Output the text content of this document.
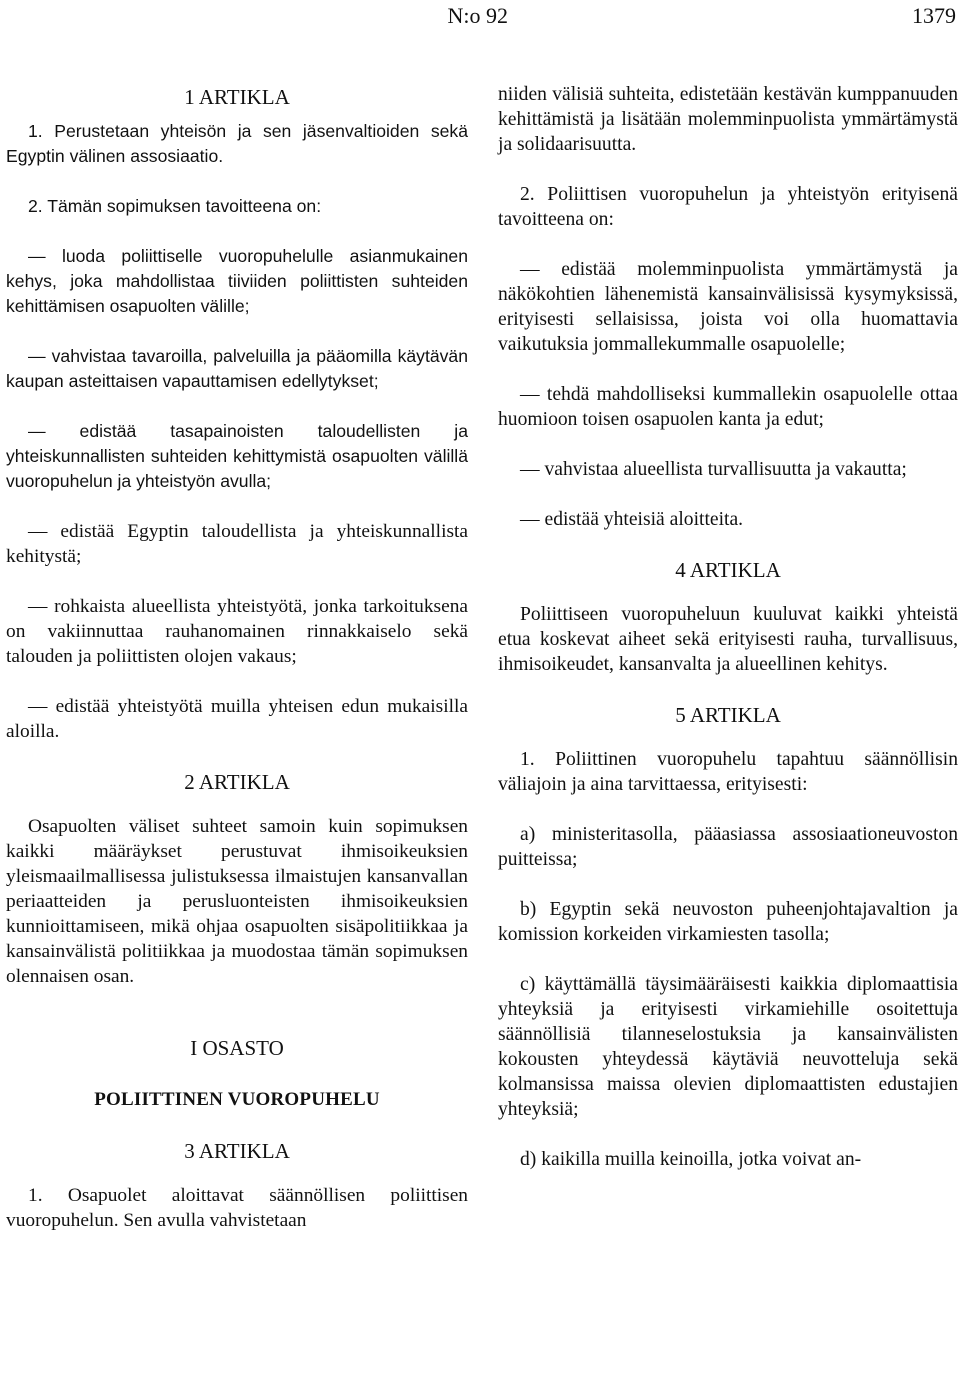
N:o 92	1379

1 ARTIKLA

1. Perustetaan yhteisön ja sen jäsenvaltioiden sekä Egyptin välinen assosiaatio.

2. Tämän sopimuksen tavoitteena on:

— luoda poliittiselle vuoropuhelulle asianmukainen kehys, joka mahdollistaa tiiviiden poliittisten suhteiden kehittämisen osapuolten välille;

— vahvistaa tavaroilla, palveluilla ja pääomilla käytävän kaupan asteittaisen vapauttamisen edellytykset;

— edistää tasapainoisten taloudellisten ja yhteiskunnallisten suhteiden kehittymistä osapuolten välillä vuoropuhelun ja yhteistyön avulla;

— edistää Egyptin taloudellista ja yhteiskunnallista kehitystä;

— rohkaista alueellista yhteistyötä, jonka tarkoituksena on vakiinnuttaa rauhanomainen rinnakkaiselo sekä talouden ja poliittisten olojen vakaus;

— edistää yhteistyötä muilla yhteisen edun mukaisilla aloilla.

2 ARTIKLA

Osapuolten väliset suhteet samoin kuin sopimuksen kaikki määräykset perustuvat ihmisoikeuksien yleismaailmallisessa julistuksessa ilmaistujen kansanvallan periaatteiden ja perusluonteisten ihmisoikeuksien kunnioittamiseen, mikä ohjaa osapuolten sisäpolitiikkaa ja kansainvälistä politiikkaa ja muodostaa tämän sopimuksen olennaisen osan.

I OSASTO

POLIITTINEN VUOROPUHELU

3 ARTIKLA

1. Osapuolet aloittavat säännöllisen poliittisen vuoropuhelun. Sen avulla vahvistetaan

niiden välisiä suhteita, edistetään kestävän kumppanuuden kehittämistä ja lisätään molemminpuolista ymmärtämystä ja solidaarisuutta.

2. Poliittisen vuoropuhelun ja yhteistyön erityisenä tavoitteena on:

— edistää molemminpuolista ymmärtämystä ja näkökohtien lähenemistä kansainvälisissä kysymyksissä, erityisesti sellaisissa, joista voi olla huomattavia vaikutuksia jommallekummalle osapuolelle;

— tehdä mahdolliseksi kummallekin osapuolelle ottaa huomioon toisen osapuolen kanta ja edut;

— vahvistaa alueellista turvallisuutta ja vakautta;

— edistää yhteisiä aloitteita.

4 ARTIKLA

Poliittiseen vuoropuheluun kuuluvat kaikki yhteistä etua koskevat aiheet sekä erityisesti rauha, turvallisuus, ihmisoikeudet, kansanvalta ja alueellinen kehitys.

5 ARTIKLA

1. Poliittinen vuoropuhelu tapahtuu säännöllisin väliajoin ja aina tarvittaessa, erityisesti:

a) ministeritasolla, pääasiassa assosiaationeuvoston puitteissa;

b) Egyptin sekä neuvoston puheenjohtajavaltion ja komission korkeiden virkamiesten tasolla;

c) käyttämällä täysimääräisesti kaikkia diplomaattisia yhteyksiä ja erityisesti virkamiehille osoitettuja säännöllisiä tilanneselostuksia ja kansainvälisten kokousten yhteydessä käytäviä neuvotteluja sekä kolmansissa maissa olevien diplomaattisten edustajien yhteyksiä;

d) kaikilla muilla keinoilla, jotka voivat an-
